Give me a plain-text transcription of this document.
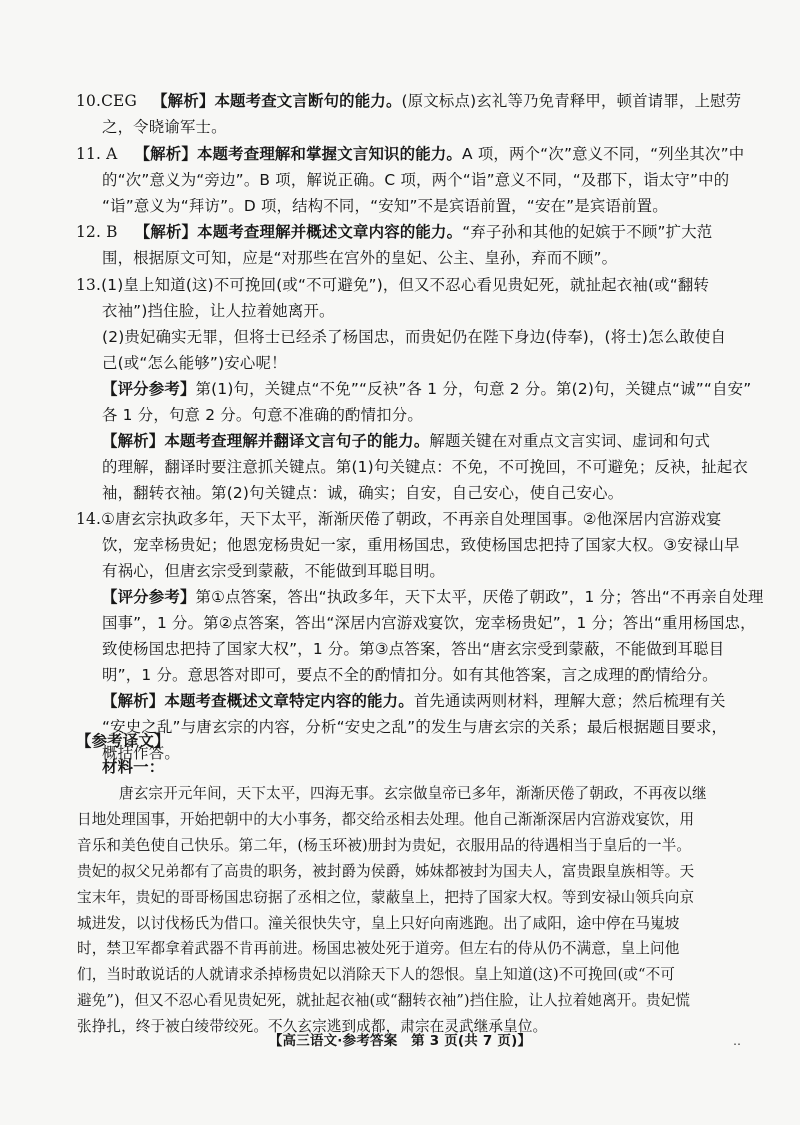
10.CEG 【解析】本题考查文言断句的能力。(原文标点)玄礼等乃免青释甲，顿首请罪，上慰劳
之，令晓谕军士。
11. A 【解析】本题考查理解和掌握文言知识的能力。A 项，两个“次”意义不同，“列坐其次”中
的“次”意义为“旁边”。B 项，解说正确。C 项，两个“诣”意义不同，“及郡下，诣太守”中的
“诣”意义为“拜访”。D 项，结构不同，“安知”不是宾语前置，“安在”是宾语前置。
12. B 【解析】本题考查理解并概述文章内容的能力。“弃子孙和其他的妃嫔于不顾”扩大范
围，根据原文可知，应是“对那些在宫外的皇妃、公主、皇孙，弃而不顾”。
13.(1)皇上知道(这)不可挽回(或“不可避免”)，但又不忍心看见贵妃死，就扯起衣袖(或“翻转
衣袖”)挡住脸，让人拉着她离开。
(2)贵妃确实无罪，但将士已经杀了杨国忠，而贵妃仍在陛下身边(侍奉)，(将士)怎么敢使自
己(或“怎么能够”)安心呢！
【评分参考】第(1)句，关键点“不免”“反袂”各 1 分，句意 2 分。第(2)句，关键点“诚”“自安”
各 1 分，句意 2 分。句意不准确的酌情扣分。
【解析】本题考查理解并翻译文言句子的能力。解题关键在对重点文言实词、虚词和句式
的理解，翻译时要注意抓关键点。第(1)句关键点：不免，不可挽回，不可避免；反袂，扯起衣
袖，翻转衣袖。第(2)句关键点：诚，确实；自安，自己安心，使自己安心。
14.①唐玄宗执政多年，天下太平，渐渐厌倦了朝政，不再亲自处理国事。②他深居内宫游戏宴
饮，宠幸杨贵妃；他恩宠杨贵妃一家，重用杨国忠，致使杨国忠把持了国家大权。③安禄山早
有祸心，但唐玄宗受到蒙蔽，不能做到耳聪目明。
【评分参考】第①点答案，答出“执政多年，天下太平，厌倦了朝政”，1 分；答出“不再亲自处理
国事”，1 分。第②点答案，答出“深居内宫游戏宴饮，宠幸杨贵妃”，1 分；答出“重用杨国忠，
致使杨国忠把持了国家大权”，1 分。第③点答案，答出“唐玄宗受到蒙蔽，不能做到耳聪目
明”，1 分。意思答对即可，要点不全的酌情扣分。如有其他答案，言之成理的酌情给分。
【解析】本题考查概述文章特定内容的能力。首先通读两则材料，理解大意；然后梳理有关
“安史之乱”与唐玄宗的内容，分析“安史之乱”的发生与唐玄宗的关系；最后根据题目要求，
概括作答。
【参考译文】
材料一：
唐玄宗开元年间，天下太平，四海无事。玄宗做皇帝已多年，渐渐厌倦了朝政，不再夜以继
日地处理国事，开始把朝中的大小事务，都交给丞相去处理。他自己渐渐深居内宫游戏宴饮，用
音乐和美色使自己快乐。第二年，(杨玉环被)册封为贵妃，衣服用品的待遇相当于皇后的一半。
贵妃的叔父兄弟都有了高贵的职务，被封爵为侯爵，姊妹都被封为国夫人，富贵跟皇族相等。天
宝末年，贵妃的哥哥杨国忠窃据了丞相之位，蒙蔽皇上，把持了国家大权。等到安禄山领兵向京
城进发，以讨伐杨氏为借口。潼关很快失守，皇上只好向南逃跑。出了咸阳，途中停在马嵬坡
时，禁卫军都拿着武器不肯再前进。杨国忠被处死于道旁。但左右的侍从仍不满意，皇上问他
们，当时敢说话的人就请求杀掉杨贵妃以消除天下人的怨恨。皇上知道(这)不可挽回(或“不可
避免”)，但又不忍心看见贵妃死，就扯起衣袖(或“翻转衣袖”)挡住脸，让人拉着她离开。贵妃慌
张挣扎，终于被白绫带绞死。不久玄宗逃到成都，肃宗在灵武继承皇位。
【高三语文·参考答案　第 3 页(共 7 页)】	‥
